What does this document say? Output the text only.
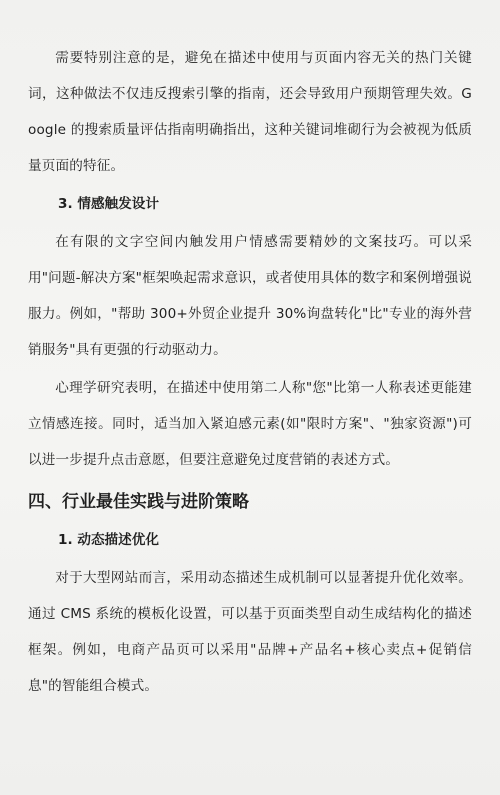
需要特别注意的是，避免在描述中使用与页面内容无关的热门关键词，这种做法不仅违反搜索引擎的指南，还会导致用户预期管理失效。Google 的搜索质量评估指南明确指出，这种关键词堆砌行为会被视为低质量页面的特征。

3. 情感触发设计

在有限的文字空间内触发用户情感需要精妙的文案技巧。可以采用"问题-解决方案"框架唤起需求意识，或者使用具体的数字和案例增强说服力。例如，"帮助 300+外贸企业提升 30%询盘转化"比"专业的海外营销服务"具有更强的行动驱动力。

心理学研究表明，在描述中使用第二人称"您"比第一人称表述更能建立情感连接。同时，适当加入紧迫感元素(如"限时方案"、"独家资源")可以进一步提升点击意愿，但要注意避免过度营销的表述方式。

四、行业最佳实践与进阶策略
1. 动态描述优化

对于大型网站而言，采用动态描述生成机制可以显著提升优化效率。通过 CMS 系统的模板化设置，可以基于页面类型自动生成结构化的描述框架。例如，电商产品页可以采用"品牌+产品名+核心卖点+促销信息"的智能组合模式。
